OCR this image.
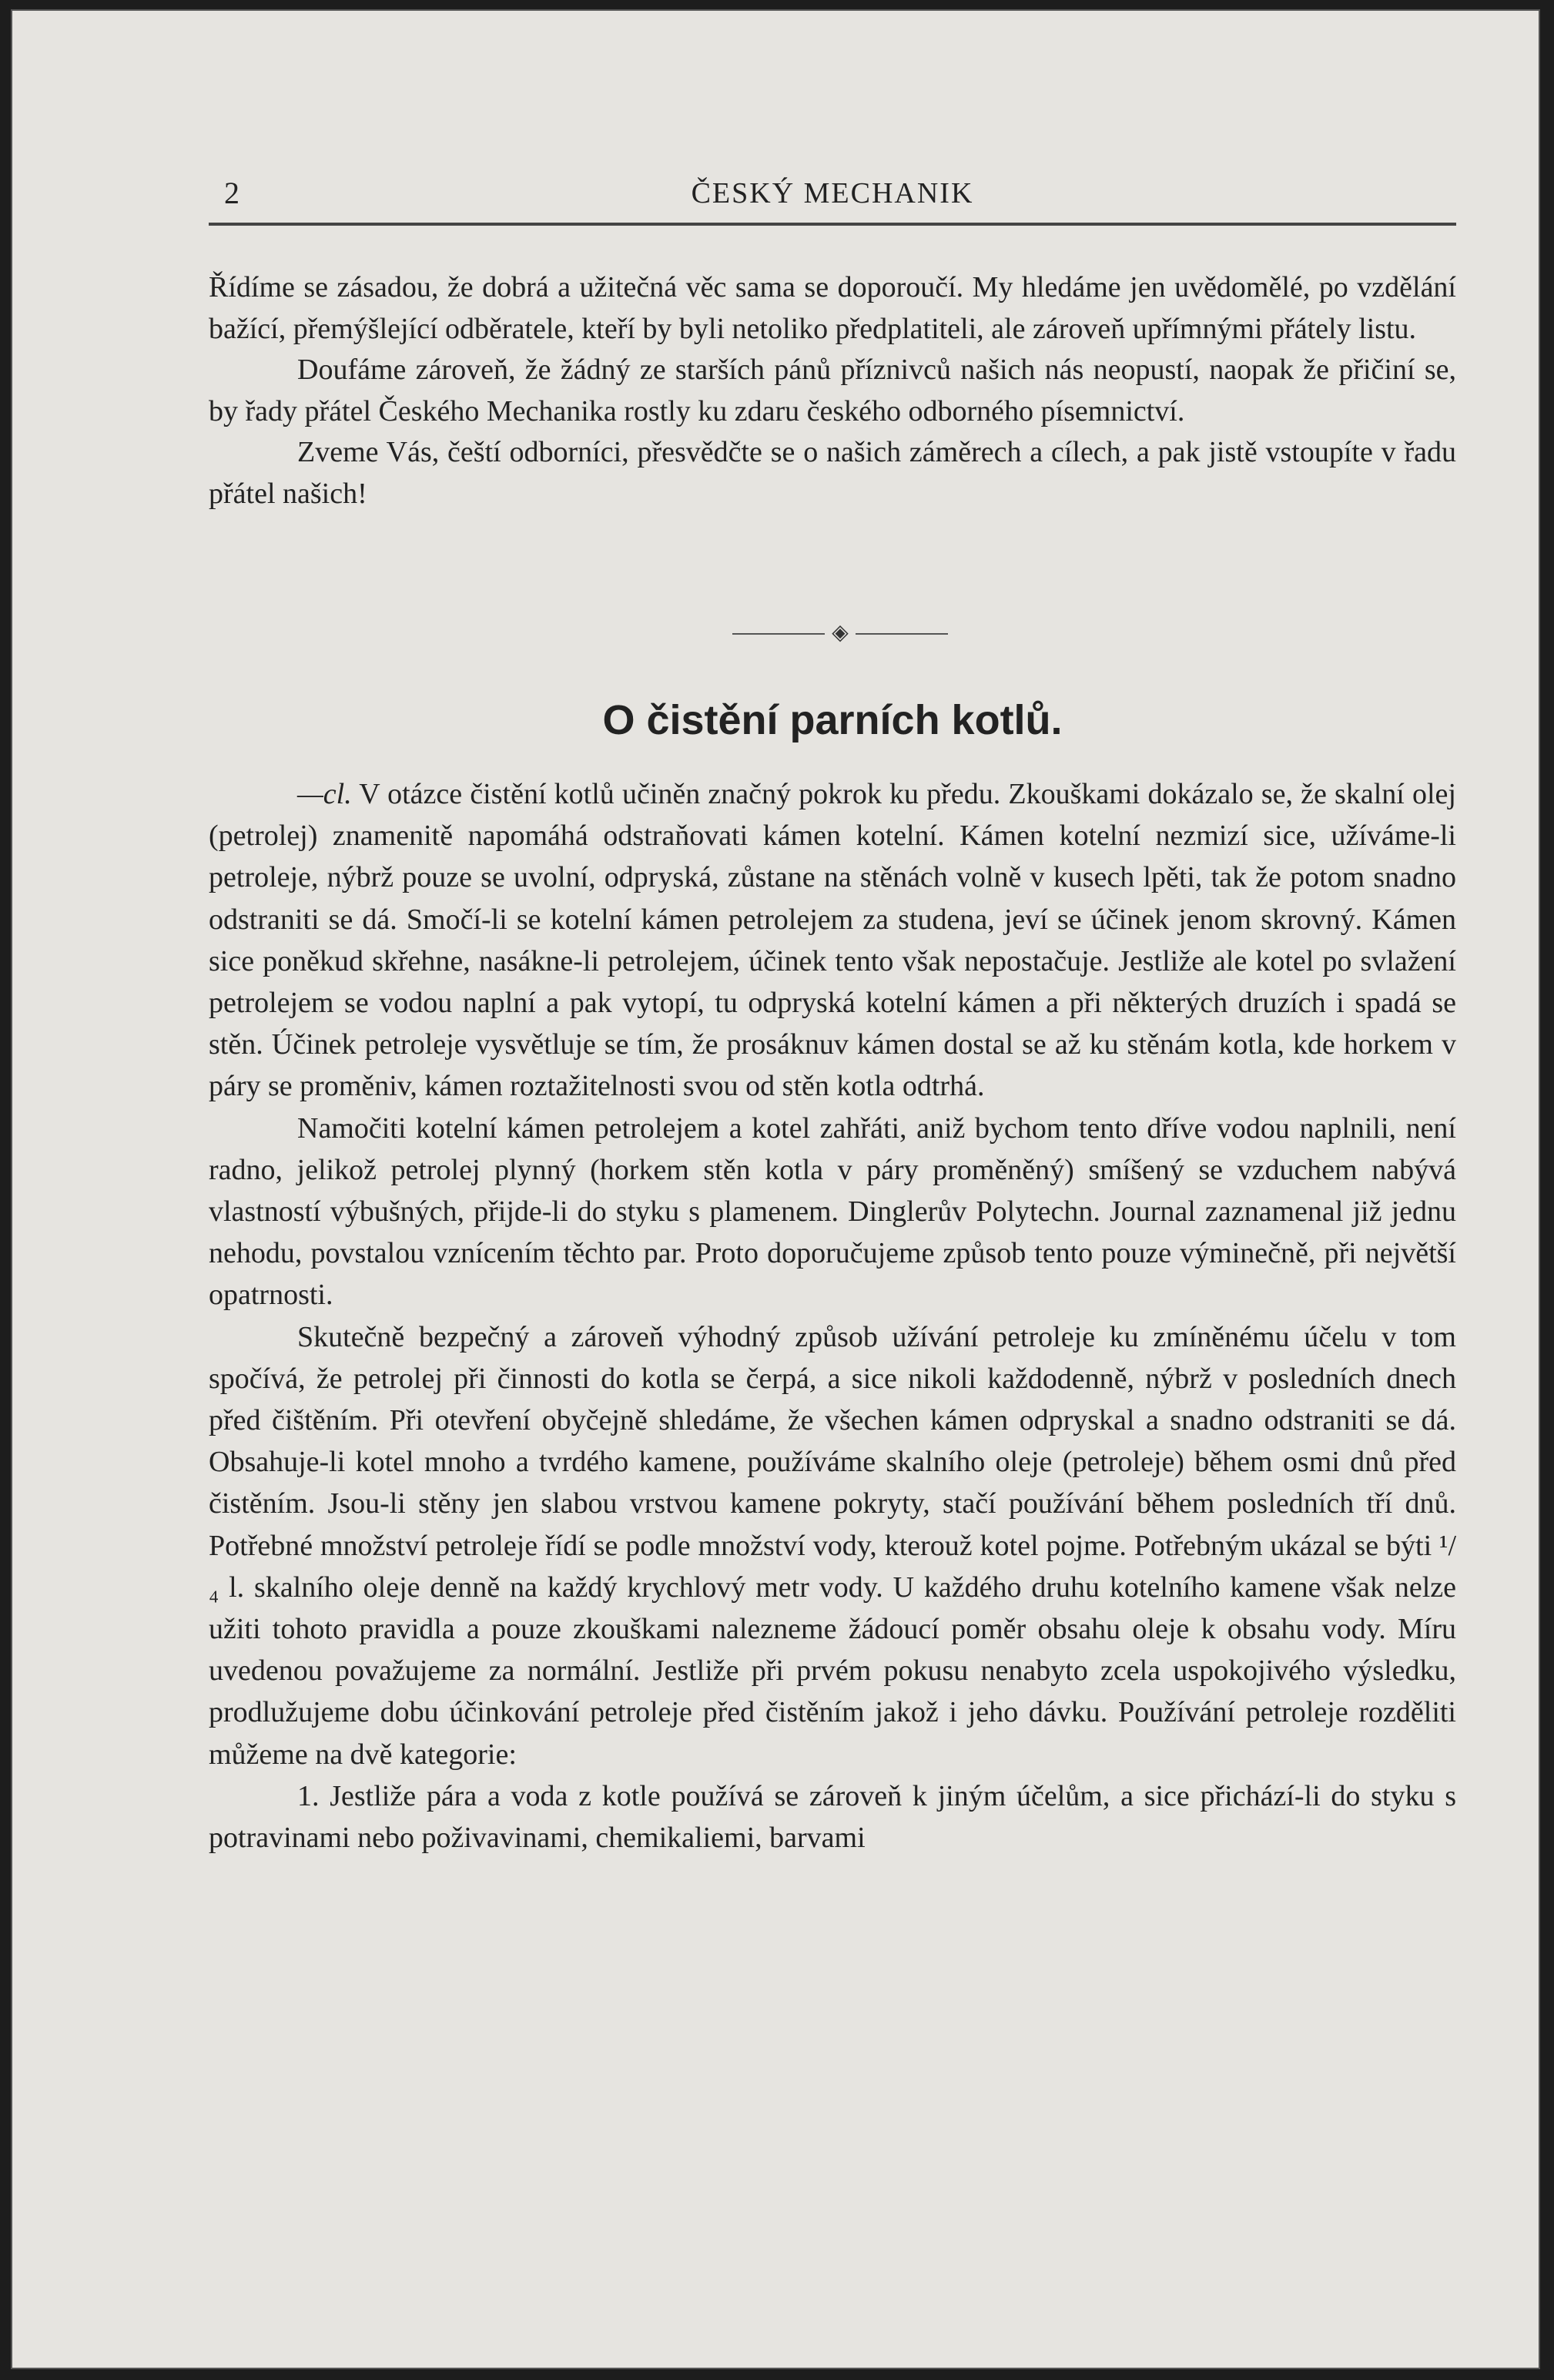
2	ČESKÝ MECHANIK

Řídíme se zásadou, že dobrá a užitečná věc sama se doporoučí. My hledáme jen uvědomělé, po vzdělání bažící, přemýšlející odběratele, kteří by byli netoliko předplatiteli, ale zároveň upřímnými přátely listu.

Doufáme zároveň, že žádný ze starších pánů příznivců našich nás neopustí, naopak že přičiní se, by řady přátel Českého Mechanika rostly ku zdaru českého odborného písemnictví.

Zveme Vás, čeští odborníci, přesvědčte se o našich záměrech a cílech, a pak jistě vstoupíte v řadu přátel našich!

◈
O čistění parních kotlů.

—cl. V otázce čistění kotlů učiněn značný pokrok ku předu. Zkouškami dokázalo se, že skalní olej (petrolej) znamenitě napomáhá odstraňovati kámen kotelní. Kámen kotelní nezmizí sice, užíváme-li petroleje, nýbrž pouze se uvolní, odpryská, zůstane na stěnách volně v kusech lpěti, tak že potom snadno odstraniti se dá. Smočí-li se kotelní kámen petrolejem za studena, jeví se účinek jenom skrovný. Kámen sice poněkud skřehne, nasákne-li petrolejem, účinek tento však nepostačuje. Jestliže ale kotel po svlažení petrolejem se vodou naplní a pak vytopí, tu odpryská kotelní kámen a při některých druzích i spadá se stěn. Účinek petroleje vysvětluje se tím, že prosáknuv kámen dostal se až ku stěnám kotla, kde horkem v páry se proměniv, kámen roztažitelnosti svou od stěn kotla odtrhá.

Namočiti kotelní kámen petrolejem a kotel zahřáti, aniž bychom tento dříve vodou naplnili, není radno, jelikož petrolej plynný (horkem stěn kotla v páry proměněný) smíšený se vzduchem nabývá vlastností výbušných, přijde-li do styku s plamenem. Dinglerův Polytechn. Journal zaznamenal již jednu nehodu, povstalou vznícením těchto par. Proto doporučujeme způsob tento pouze výminečně, při největší opatrnosti.

Skutečně bezpečný a zároveň výhodný způsob užívání petroleje ku zmíněnému účelu v tom spočívá, že petrolej při činnosti do kotla se čerpá, a sice nikoli každodenně, nýbrž v posledních dnech před čištěním. Při otevření obyčejně shledáme, že všechen kámen odpryskal a snadno odstraniti se dá. Obsahuje-li kotel mnoho a tvrdého kamene, používáme skalního oleje (petroleje) během osmi dnů před čistěním. Jsou-li stěny jen slabou vrstvou kamene pokryty, stačí používání během posledních tří dnů. Potřebné množství petroleje řídí se podle množství vody, kterouž kotel pojme. Potřebným ukázal se býti ¹/₄ l. skalního oleje denně na každý krychlový metr vody. U každého druhu kotelního kamene však nelze užiti tohoto pravidla a pouze zkouškami nalezneme žádoucí poměr obsahu oleje k obsahu vody. Míru uvedenou považujeme za normální. Jestliže při prvém pokusu nenabyto zcela uspokojivého výsledku, prodlužujeme dobu účinkování petroleje před čistěním jakož i jeho dávku. Používání petroleje rozděliti můžeme na dvě kategorie:

1. Jestliže pára a voda z kotle používá se zároveň k jiným účelům, a sice přichází-li do styku s potravinami nebo poživavinami, chemikaliemi, barvami
